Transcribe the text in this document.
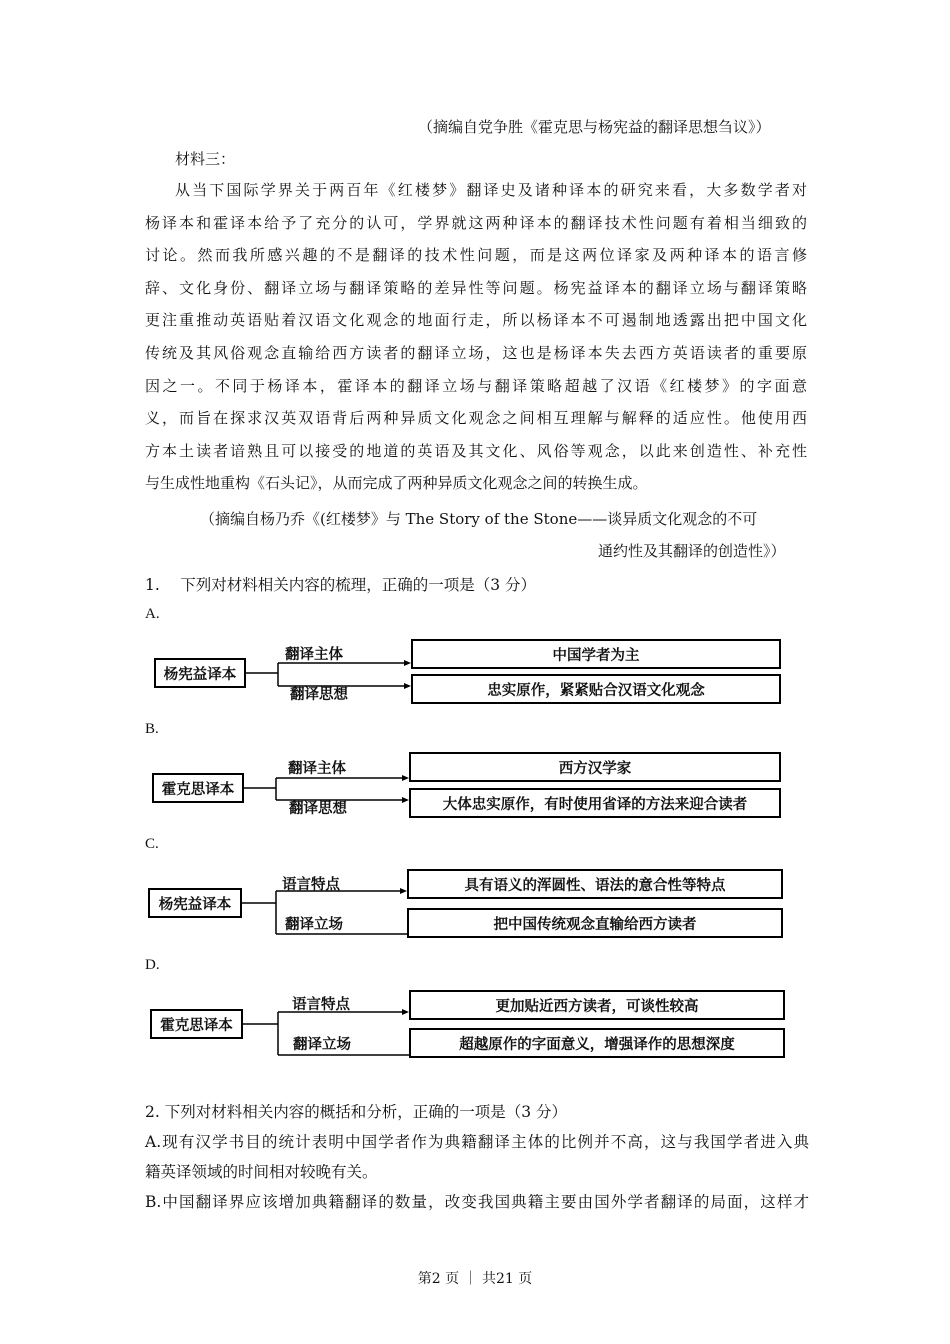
（摘编自党争胜《霍克思与杨宪益的翻译思想刍议》）
材料三：

从当下国际学界关于两百年《红楼梦》翻译史及诸种译本的研究来看，大多数学者对

杨译本和霍译本给予了充分的认可，学界就这两种译本的翻译技术性问题有着相当细致的

讨论。然而我所感兴趣的不是翻译的技术性问题，而是这两位译家及两种译本的语言修

辞、文化身份、翻译立场与翻译策略的差异性等问题。杨宪益译本的翻译立场与翻译策略

更注重推动英语贴着汉语文化观念的地面行走，所以杨译本不可遏制地透露出把中国文化

传统及其风俗观念直输给西方读者的翻译立场，这也是杨译本失去西方英语读者的重要原

因之一。不同于杨译本，霍译本的翻译立场与翻译策略超越了汉语《红楼梦》的字面意

义，而旨在探求汉英双语背后两种异质文化观念之间相互理解与解释的适应性。他使用西

方本土读者谙熟且可以接受的地道的英语及其文化、风俗等观念，以此来创造性、补充性

与生成性地重构《石头记》，从而完成了两种异质文化观念之间的转换生成。

（摘编自杨乃乔《(红楼梦》与 The Story of the Stone——谈异质文化观念的不可
通约性及其翻译的创造性》）
1.　 下列对材料相关内容的梳理，正确的一项是（3 分）
A.
杨宪益译本
翻译主体
翻译思想
中国学者为主
忠实原作，紧紧贴合汉语文化观念
B.
霍克思译本
翻译主体
翻译思想
西方汉学家
大体忠实原作，有时使用省译的方法来迎合读者
C.
杨宪益译本
语言特点
翻译立场
具有语义的浑圆性、语法的意合性等特点
把中国传统观念直输给西方读者
D.
霍克思译本
语言特点
翻译立场
更加贴近西方读者，可谈性较高
超越原作的字面意义，增强译作的思想深度

2. 下列对材料相关内容的概括和分析，正确的一项是（3 分）

A.现有汉学书目的统计表明中国学者作为典籍翻译主体的比例并不高，这与我国学者进入典

籍英译领域的时间相对较晚有关。

B.中国翻译界应该增加典籍翻译的数量，改变我国典籍主要由国外学者翻译的局面，这样才

第2 页 ｜ 共21 页
